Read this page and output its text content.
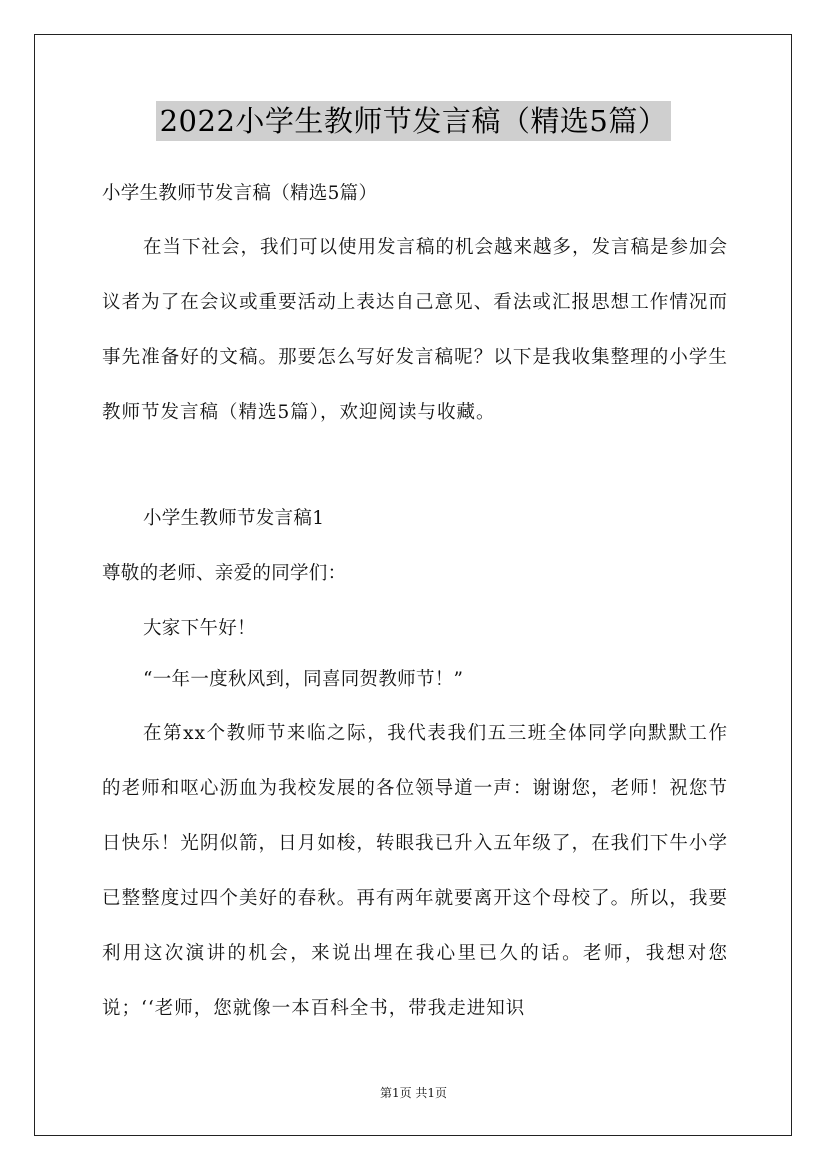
2022小学生教师节发言稿（精选5篇）

小学生教师节发言稿（精选5篇）

在当下社会，我们可以使用发言稿的机会越来越多，发言稿是参加会议者为了在会议或重要活动上表达自己意见、看法或汇报思想工作情况而事先准备好的文稿。那要怎么写好发言稿呢？以下是我收集整理的小学生教师节发言稿（精选5篇），欢迎阅读与收藏。

小学生教师节发言稿1

尊敬的老师、亲爱的同学们：

大家下午好！

“一年一度秋风到，同喜同贺教师节！”

在第xx个教师节来临之际，我代表我们五三班全体同学向默默工作的老师和呕心沥血为我校发展的各位领导道一声：谢谢您，老师！祝您节日快乐！光阴似箭，日月如梭，转眼我已升入五年级了，在我们下牛小学已整整度过四个美好的春秋。再有两年就要离开这个母校了。所以，我要利用这次演讲的机会，来说出埋在我心里已久的话。老师，我想对您说；‘‘老师，您就像一本百科全书，带我走进知识

第1页 共1页
